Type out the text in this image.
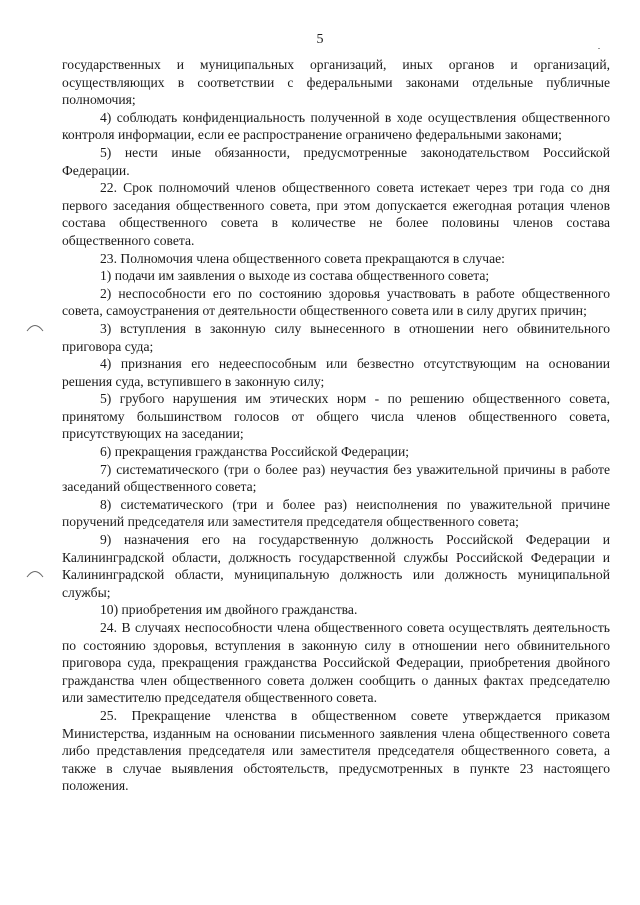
5

государственных и муниципальных организаций, иных органов и организаций, осуществляющих в соответствии с федеральными законами отдельные публичные полномочия;

4) соблюдать конфиденциальность полученной в ходе осуществления общественного контроля информации, если ее распространение ограничено федеральными законами;

5) нести иные обязанности, предусмотренные законодательством Российской Федерации.

22. Срок полномочий членов общественного совета истекает через три года со дня первого заседания общественного совета, при этом допускается ежегодная ротация членов состава общественного совета в количестве не более половины членов состава общественного совета.

23. Полномочия члена общественного совета прекращаются в случае:

1) подачи им заявления о выходе из состава общественного совета;

2) неспособности его по состоянию здоровья участвовать в работе общественного совета, самоустранения от деятельности общественного совета или в силу других причин;

3) вступления в законную силу вынесенного в отношении него обвинительного приговора суда;

4) признания его недееспособным или безвестно отсутствующим на основании решения суда, вступившего в законную силу;

5) грубого нарушения им этических норм - по решению общественного совета, принятому большинством голосов от общего числа членов общественного совета, присутствующих на заседании;

6) прекращения гражданства Российской Федерации;

7) систематического (три о более раз) неучастия без уважительной причины в работе заседаний общественного совета;

8) систематического (три и более раз) неисполнения по уважительной причине поручений председателя или заместителя председателя общественного совета;

9) назначения его на государственную должность Российской Федерации и Калининградской области, должность государственной службы Российской Федерации и Калининградской области, муниципальную должность или должность муниципальной службы;

10) приобретения им двойного гражданства.

24. В случаях неспособности члена общественного совета осуществлять деятельность по состоянию здоровья, вступления в законную силу в отношении него обвинительного приговора суда, прекращения гражданства Российской Федерации, приобретения двойного гражданства член общественного совета должен сообщить о данных фактах председателю или заместителю председателя общественного совета.

25. Прекращение членства в общественном совете утверждается приказом Министерства, изданным на основании письменного заявления члена общественного совета либо представления председателя или заместителя председателя общественного совета, а также в случае выявления обстоятельств, предусмотренных в пункте 23 настоящего положения.
